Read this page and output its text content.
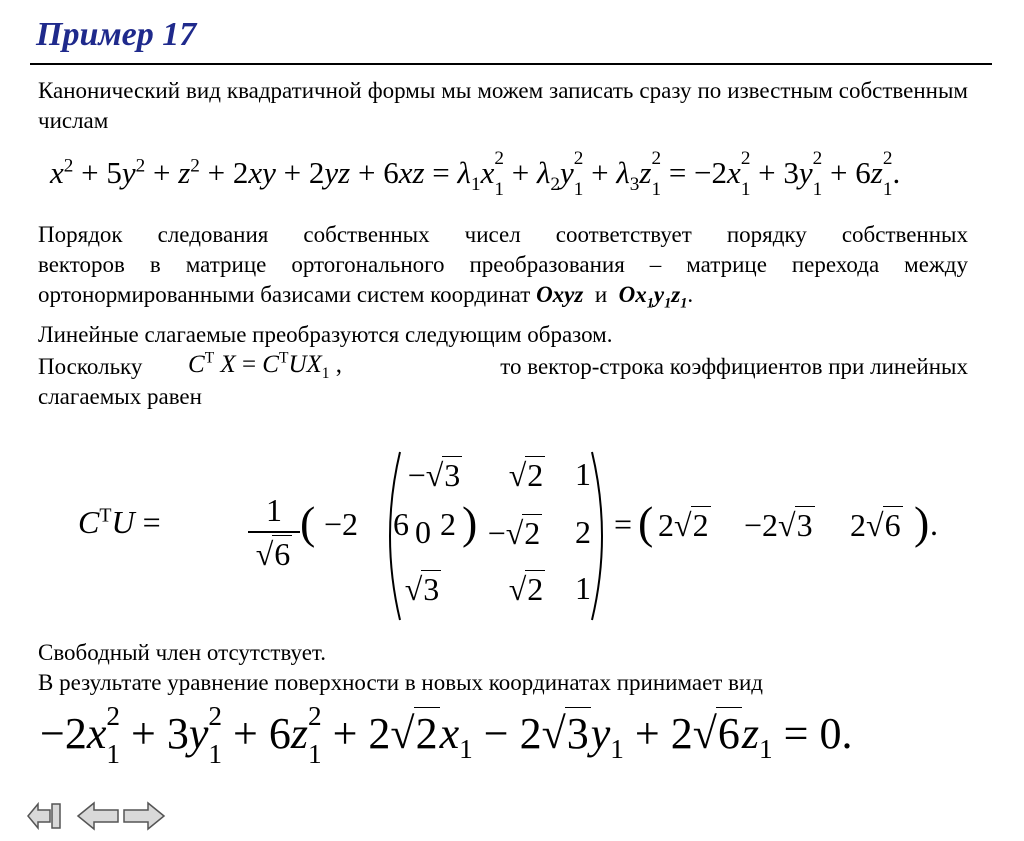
Пример 17
Канонический вид квадратичной формы мы можем записать сразу по известным собственным числам
$x^2 + 5y^2 + z^2 + 2xy + 2yz + 6xz = \lambda_1x$ 2
$1 + \lambda_2y$ 2
$1 + \lambda_3z$ 2
1 = −2x 2
1 + 3y 2
1 + 6z 2
1 .
Порядок следования собственных чисел соответствует порядку собственных
векторов в матрице ортогонального преобразования – матрице перехода между
ортонормированными базисами систем координат Oxyz и $Ox_1y_1z_1$.
Линейные слагаемые преобразуются следующим образом.
Поскольку $C^T$ $X = C^TUX_1$ ,	то вектор-строка коэффициентов при линейных
слагаемых равен
$C^TU$ =	1
√6
( −2 6 2 )
−√3	√2 1
0	−√2	2
√3	√2 1
= ( 2√2 −2√3 2√6 ) .
Свободный член отсутствует.
В результате уравнение поверхности в новых координатах принимает вид
−2x 2
1 + 3y 2
1 + 6z 2
$1 + 2√2x_1 - 2√3y_1 + 2√6z_1 = 0$.
